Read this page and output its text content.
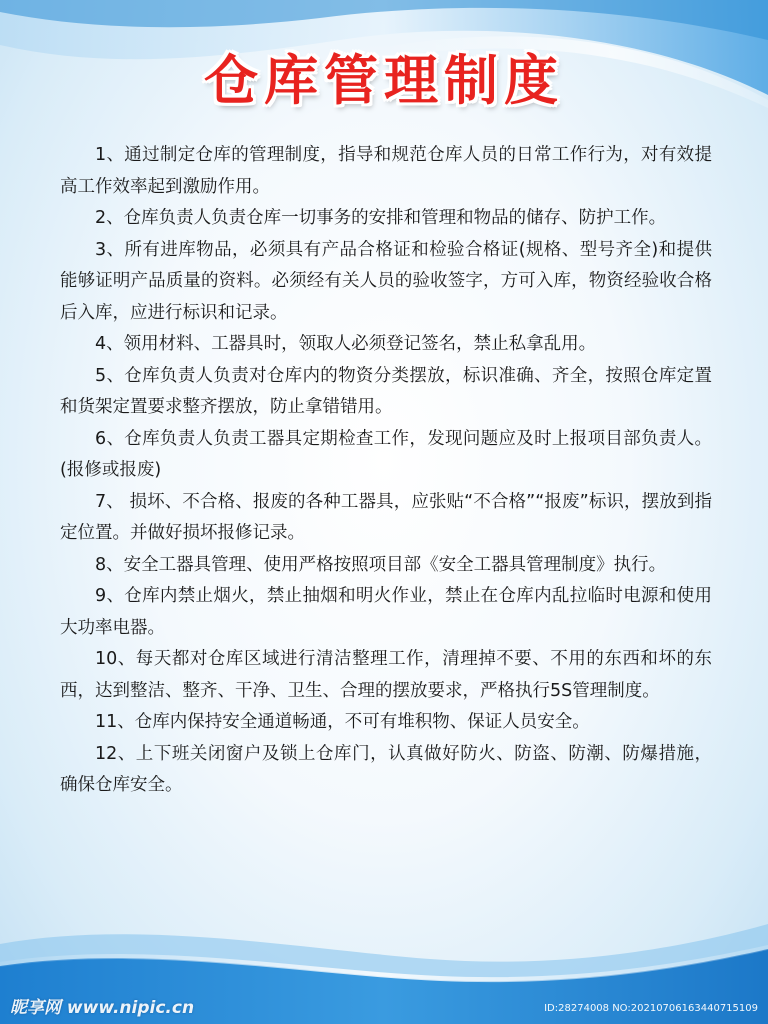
仓库管理制度

1、通过制定仓库的管理制度，指导和规范仓库人员的日常工作行为，对有效提高工作效率起到激励作用。

2、仓库负责人负责仓库一切事务的安排和管理和物品的储存、防护工作。

3、所有进库物品，必须具有产品合格证和检验合格证(规格、型号齐全)和提供能够证明产品质量的资料。必须经有关人员的验收签字，方可入库，物资经验收合格后入库，应进行标识和记录。

4、领用材料、工器具时，领取人必须登记签名，禁止私拿乱用。

5、仓库负责人负责对仓库内的物资分类摆放，标识准确、齐全，按照仓库定置和货架定置要求整齐摆放，防止拿错错用。

6、仓库负责人负责工器具定期检查工作，发现问题应及时上报项目部负责人。(报修或报废)

7、 损坏、不合格、报废的各种工器具，应张贴“不合格”“报废”标识，摆放到指定位置。并做好损坏报修记录。

8、安全工器具管理、使用严格按照项目部《安全工器具管理制度》执行。

9、仓库内禁止烟火，禁止抽烟和明火作业，禁止在仓库内乱拉临时电源和使用大功率电器。

10、每天都对仓库区域进行清洁整理工作，清理掉不要、不用的东西和坏的东西，达到整洁、整齐、干净、卫生、合理的摆放要求，严格执行5S管理制度。

11、仓库内保持安全通道畅通，不可有堆积物、保证人员安全。

12、上下班关闭窗户及锁上仓库门，认真做好防火、防盗、防潮、防爆措施，确保仓库安全。

昵享网 www.nipic.cn	ID:28274008 NO:20210706163440715109
